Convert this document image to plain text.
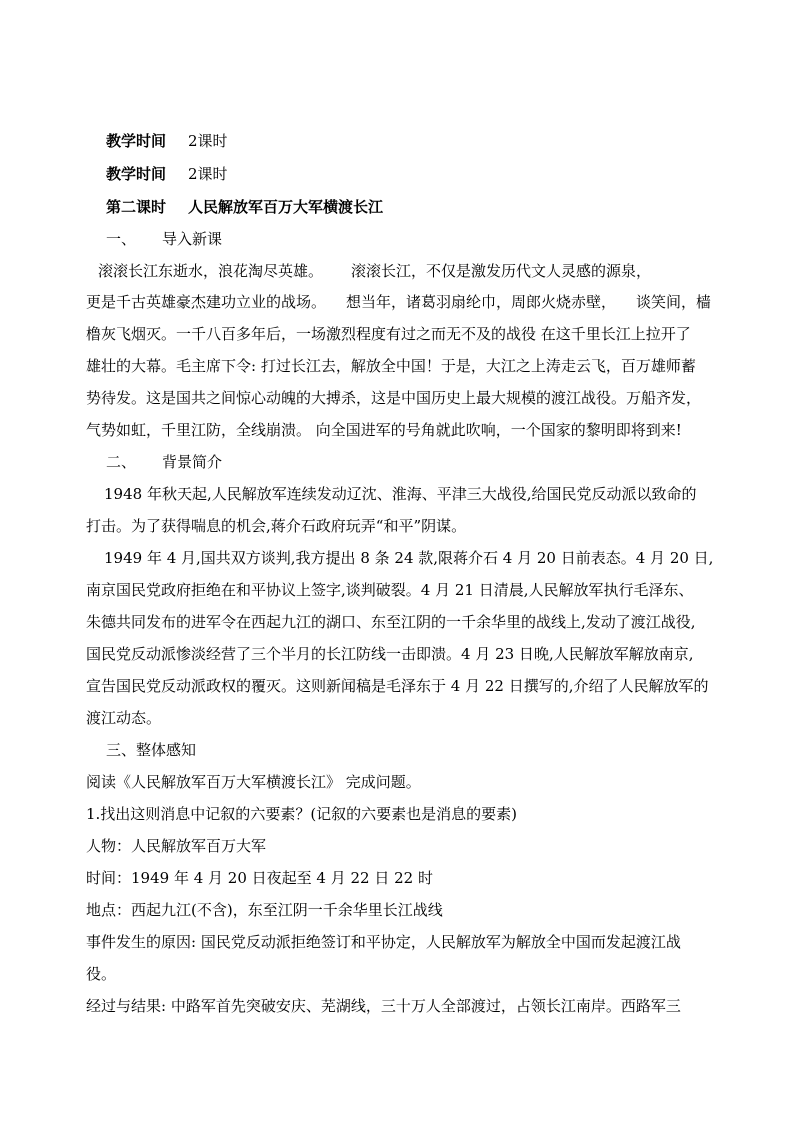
教学时间 2课时
教学时间 2课时
第二课时 人民解放军百万大军横渡长江
一、 导入新课
滚滚长江东逝水，浪花淘尽英雄。 滚滚长江，不仅是激发历代文人灵感的源泉，
更是千古英雄豪杰建功立业的战场。 想当年，诸葛羽扇纶巾，周郎火烧赤壁， 谈笑间，樯
橹灰飞烟灭。一千八百多年后，一场激烈程度有过之而无不及的战役 在这千里长江上拉开了
雄壮的大幕。毛主席下令: 打过长江去，解放全中国！于是，大江之上涛走云飞，百万雄师蓄
势待发。这是国共之间惊心动魄的大搏杀，这是中国历史上最大规模的渡江战役。万船齐发，
气势如虹，千里江防，全线崩溃。 向全国进军的号角就此吹响，一个国家的黎明即将到来!
二、 背景简介
1948 年秋天起,人民解放军连续发动辽沈、淮海、平津三大战役,给国民党反动派以致命的
打击。为了获得喘息的机会,蒋介石政府玩弄“和平”阴谋。
1949 年 4 月,国共双方谈判,我方提出 8 条 24 款,限蒋介石 4 月 20 日前表态。4 月 20 日,
南京国民党政府拒绝在和平协议上签字,谈判破裂。4 月 21 日清晨,人民解放军执行毛泽东、
朱德共同发布的进军令在西起九江的湖口、东至江阴的一千余华里的战线上,发动了渡江战役,
国民党反动派惨淡经营了三个半月的长江防线一击即溃。4 月 23 日晚,人民解放军解放南京,
宣告国民党反动派政权的覆灭。这则新闻稿是毛泽东于 4 月 22 日撰写的,介绍了人民解放军的
渡江动态。
三、整体感知
阅读《人民解放军百万大军横渡长江》 完成问题。
1.找出这则消息中记叙的六要素？(记叙的六要素也是消息的要素)
人物：人民解放军百万大军
时间：1949 年 4 月 20 日夜起至 4 月 22 日 22 时
地点：西起九江(不含)，东至江阴一千余华里长江战线
事件发生的原因: 国民党反动派拒绝签订和平协定，人民解放军为解放全中国而发起渡江战
役。
经过与结果: 中路军首先突破安庆、芜湖线，三十万人全部渡过，占领长江南岸。西路军三
